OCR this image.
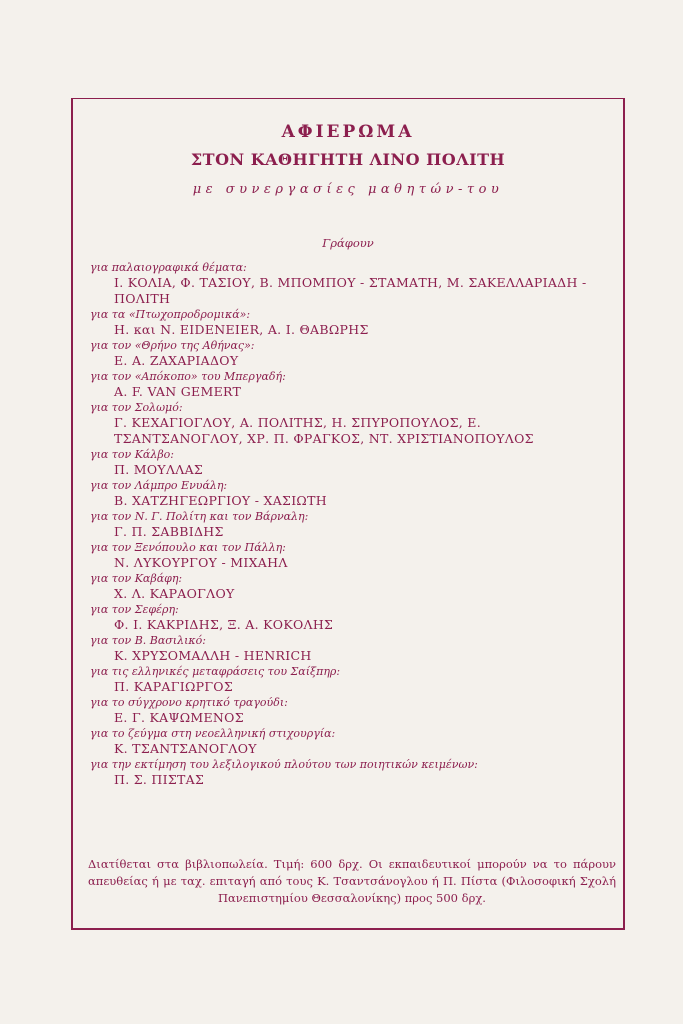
ΑΦΙΕΡΩΜΑ
ΣΤΟΝ ΚΑΘΗΓΗΤΗ ΛΙΝΟ ΠΟΛΙΤΗ
με συνεργασίες μαθητών-του
Γράφουν
για παλαιογραφικά θέματα:
Ι. ΚΟΛΙΑ, Φ. ΤΑΣΙΟΥ, Β. ΜΠΟΜΠΟΥ - ΣΤΑΜΑΤΗ, Μ. ΣΑΚΕΛΛΑΡΙΑΔΗ - ΠΟΛΙΤΗ
για τα «Πτωχοπροδρομικά»:
Η. και Ν. EIDENEIER, Α. Ι. ΘΑΒΩΡΗΣ
για τον «Θρήνο της Αθήνας»:
Ε. Α. ΖΑΧΑΡΙΑΔΟΥ
για τον «Απόκοπο» του Μπεργαδή:
A. F. VAN GEMERT
για τον Σολωμό:
Γ. ΚΕΧΑΓΙΟΓΛΟΥ, Α. ΠΟΛΙΤΗΣ, Η. ΣΠΥΡΟΠΟΥΛΟΣ, Ε. ΤΣΑΝΤΣΑΝΟΓΛΟΥ, ΧΡ. Π. ΦΡΑΓΚΟΣ, ΝΤ. ΧΡΙΣΤΙΑΝΟΠΟΥΛΟΣ
για τον Κάλβο:
Π. ΜΟΥΛΛΑΣ
για τον Λάμπρο Ενυάλη:
Β. ΧΑΤΖΗΓΕΩΡΓΙΟΥ - ΧΑΣΙΩΤΗ
για τον Ν. Γ. Πολίτη και τον Βάρναλη:
Γ. Π. ΣΑΒΒΙΔΗΣ
για τον Ξενόπουλο και τον Πάλλη:
Ν. ΛΥΚΟΥΡΓΟΥ - ΜΙΧΑΗΛ
για τον Καβάφη:
Χ. Λ. ΚΑΡΑΟΓΛΟΥ
για τον Σεφέρη:
Φ. Ι. ΚΑΚΡΙΔΗΣ, Ξ. Α. ΚΟΚΟΛΗΣ
για τον Β. Βασιλικό:
Κ. ΧΡΥΣΟΜΑΛΛΗ - HENRICH
για τις ελληνικές μεταφράσεις του Σαίξπηρ:
Π. ΚΑΡΑΓΙΩΡΓΟΣ
για το σύγχρονο κρητικό τραγούδι:
Ε. Γ. ΚΑΨΩΜΕΝΟΣ
για το ζεύγμα στη νεοελληνική στιχουργία:
Κ. ΤΣΑΝΤΣΑΝΟΓΛΟΥ
για την εκτίμηση του λεξιλογικού πλούτου των ποιητικών κειμένων:
Π. Σ. ΠΙΣΤΑΣ
Διατίθεται στα βιβλιοπωλεία. Τιμή: 600 δρχ. Οι εκπαιδευτικοί μπορούν να το πάρουν απευθείας ή με ταχ. επιταγή από τους Κ. Τσαντσάνογλου ή Π. Πίστα (Φιλοσοφική Σχολή Πανεπιστημίου Θεσσαλονίκης) προς 500 δρχ.
